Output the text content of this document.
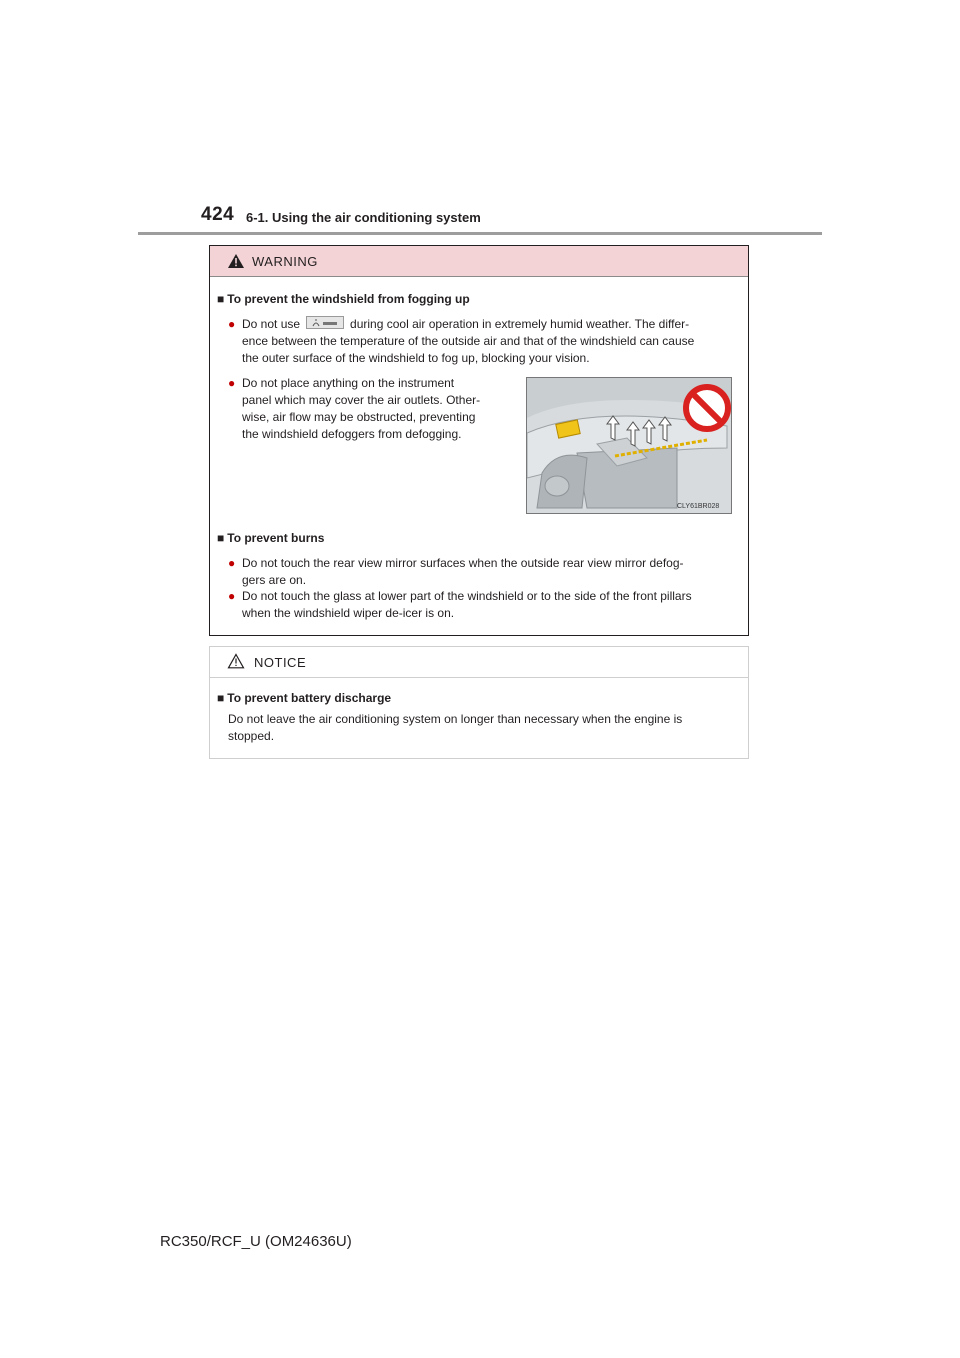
424 6-1. Using the air conditioning system
WARNING
■ To prevent the windshield from fogging up
● Do not use	during cool air operation in extremely humid weather. The differ-
ence between the temperature of the outside air and that of the windshield can cause
the outer surface of the windshield to fog up, blocking your vision.
● Do not place anything on the instrument
panel which may cover the air outlets. Other-
wise, air flow may be obstructed, preventing
the windshield defoggers from defogging.
CLY61BR028
■ To prevent burns
● Do not touch the rear view mirror surfaces when the outside rear view mirror defog-
gers are on.
● Do not touch the glass at lower part of the windshield or to the side of the front pillars
when the windshield wiper de-icer is on.
NOTICE
■ To prevent battery discharge
Do not leave the air conditioning system on longer than necessary when the engine is
stopped.
RC350/RCF_U (OM24636U)
